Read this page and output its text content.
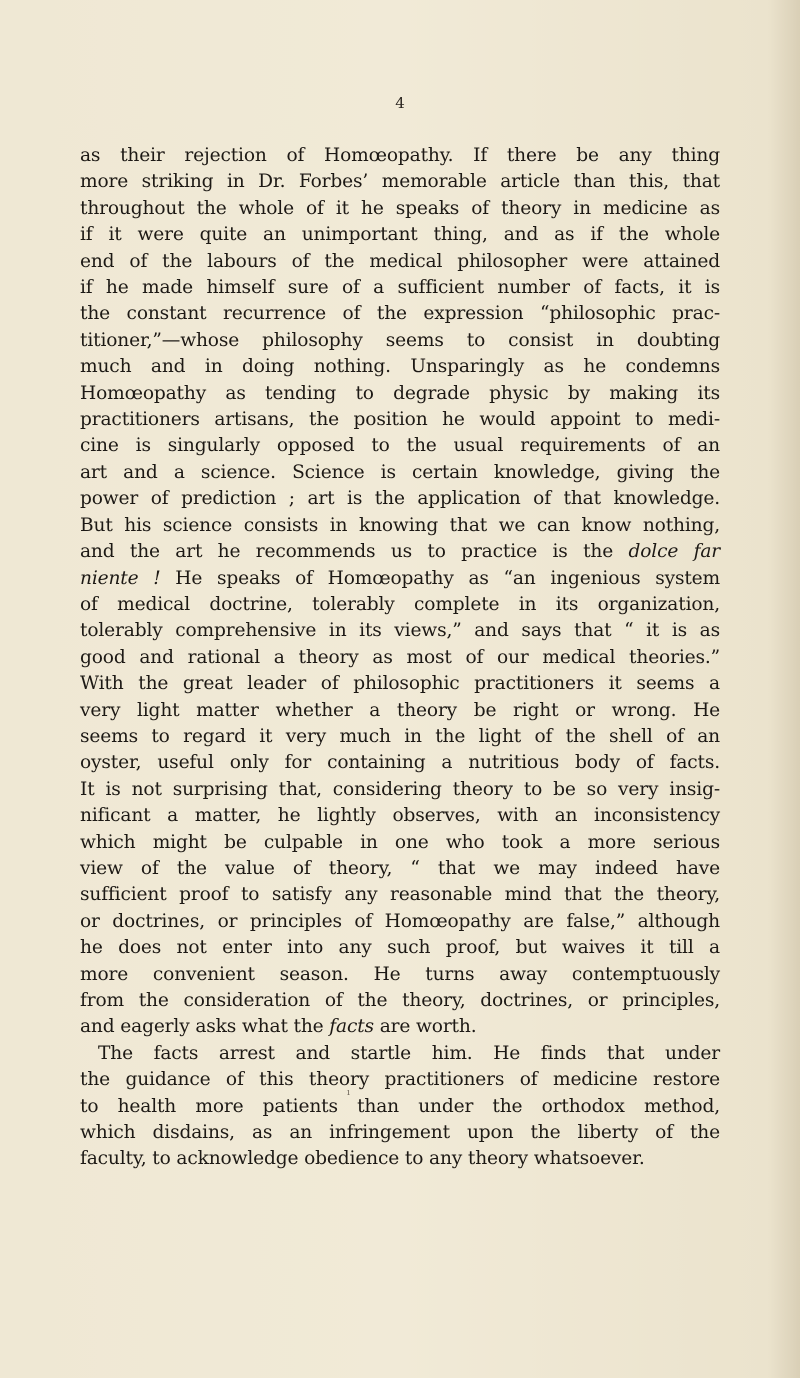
4
as their rejection of Homœopathy. If there be any thing
more striking in Dr. Forbes’ memorable article than this, that
throughout the whole of it he speaks of theory in medicine as
if it were quite an unimportant thing, and as if the whole
end of the labours of the medical philosopher were attained
if he made himself sure of a sufficient number of facts, it is
the constant recurrence of the expression “philosophic prac-
titioner,”—whose philosophy seems to consist in doubting
much and in doing nothing. Unsparingly as he condemns
Homœopathy as tending to degrade physic by making its
practitioners artisans, the position he would appoint to medi-
cine is singularly opposed to the usual requirements of an
art and a science. Science is certain knowledge, giving the
power of prediction ; art is the application of that knowledge.
But his science consists in knowing that we can know nothing,
and the art he recommends us to practice is the dolce far
niente ! He speaks of Homœopathy as “an ingenious system
of medical doctrine, tolerably complete in its organization,
tolerably comprehensive in its views,” and says that “ it is as
good and rational a theory as most of our medical theories.”
With the great leader of philosophic practitioners it seems a
very light matter whether a theory be right or wrong. He
seems to regard it very much in the light of the shell of an
oyster, useful only for containing a nutritious body of facts.
It is not surprising that, considering theory to be so very insig-
nificant a matter, he lightly observes, with an inconsistency
which might be culpable in one who took a more serious
view of the value of theory, “ that we may indeed have
sufficient proof to satisfy any reasonable mind that the theory,
or doctrines, or principles of Homœopathy are false,” although
he does not enter into any such proof, but waives it till a
more convenient season. He turns away contemptuously
from the consideration of the theory, doctrines, or principles,
and eagerly asks what the facts are worth.
The facts arrest and startle him. He finds that under
the guidance of this theory practitioners of medicine restore
to health more patients than under the orthodox method,
which disdains, as an infringement upon the liberty of the
faculty, to acknowledge obedience to any theory whatsoever.
ı
